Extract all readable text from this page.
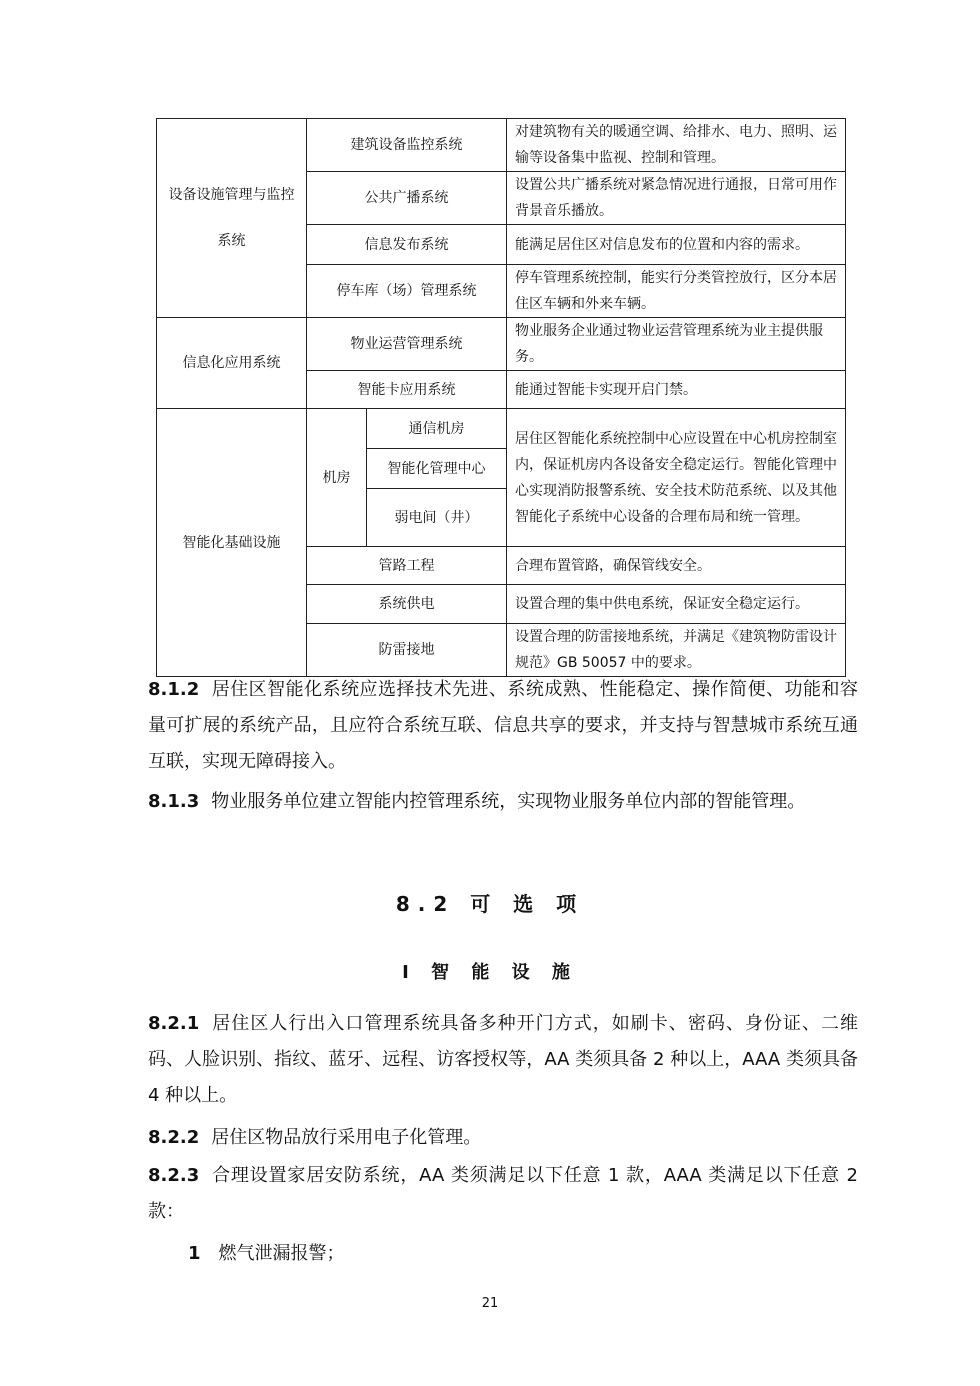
设备设施管理与监控
系统	建筑设备监控系统		对建筑物有关的暖通空调、给排水、电力、照明、运输等设备集中监视、控制和管理。
	公共广播系统		设置公共广播系统对紧急情况进行通报，日常可用作背景音乐播放。
	信息发布系统		能满足居住区对信息发布的位置和内容的需求。
	停车库（场）管理系统		停车管理系统控制，能实行分类管控放行，区分本居住区车辆和外来车辆。
信息化应用系统	物业运营管理系统		物业服务企业通过物业运营管理系统为业主提供服务。
	智能卡应用系统		能通过智能卡实现开启门禁。
智能化基础设施	机房	通信机房	居住区智能化系统控制中心应设置在中心机房控制室内，保证机房内各设备安全稳定运行。智能化管理中心实现消防报警系统、安全技术防范系统、以及其他智能化子系统中心设备的合理布局和统一管理。
		智能化管理中心	
		弱电间（井）	
	管路工程		合理布置管路，确保管线安全。
	系统供电		设置合理的集中供电系统，保证安全稳定运行。
	防雷接地		设置合理的防雷接地系统，并满足《建筑物防雷设计规范》GB 50057 中的要求。
8.1.2 居住区智能化系统应选择技术先进、系统成熟、性能稳定、操作简便、功能和容量可扩展的系统产品，且应符合系统互联、信息共享的要求，并支持与智慧城市系统互通互联，实现无障碍接入。
8.1.3 物业服务单位建立智能内控管理系统，实现物业服务单位内部的智能管理。
8.2 可 选 项
I 智 能 设 施
8.2.1 居住区人行出入口管理系统具备多种开门方式，如刷卡、密码、身份证、二维码、人脸识别、指纹、蓝牙、远程、访客授权等，AA 类须具备 2 种以上，AAA 类须具备 4 种以上。
8.2.2 居住区物品放行采用电子化管理。
8.2.3 合理设置家居安防系统，AA 类须满足以下任意 1 款，AAA 类满足以下任意 2 款：
1 燃气泄漏报警；
21
